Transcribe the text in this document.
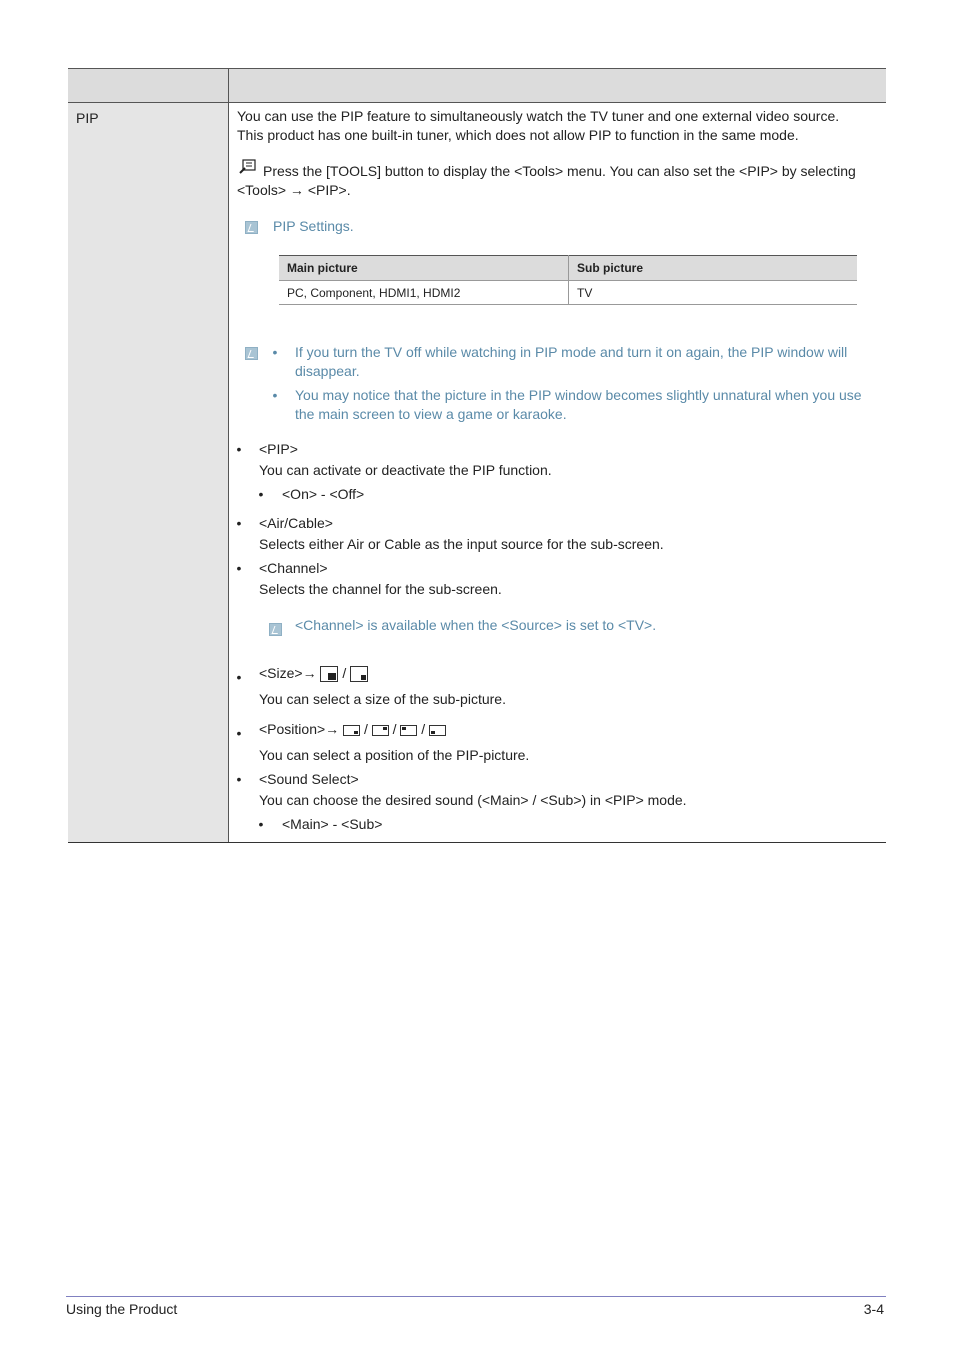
PIP	You can use the PIP feature to simultaneously watch the TV tuner and one external video source.
This product has one built-in tuner, which does not allow PIP to function in the same mode.
Press the [TOOLS] button to display the <Tools> menu. You can also set the <PIP> by selecting
<Tools> → <PIP>.
PIP Settings.
Main picture	Sub picture
PC, Component, HDMI1, HDMI2	TV
• If you turn the TV off while watching in PIP mode and turn it on again, the PIP window will
disappear.
• You may notice that the picture in the PIP window becomes slightly unnatural when you use
the main screen to view a game or karaoke.
• <PIP>
You can activate or deactivate the PIP function.
• <On> - <Off>
• <Air/Cable>
Selects either Air or Cable as the input source for the sub-screen.
• <Channel>
Selects the channel for the sub-screen.
<Channel> is available when the <Source> is set to <TV>.
• <Size>→ /
You can select a size of the sub-picture.
• <Position>→ / / /
You can select a position of the PIP-picture.
• <Sound Select>
You can choose the desired sound (<Main> / <Sub>) in <PIP> mode.
• <Main> - <Sub>
Using the Product	3-4
